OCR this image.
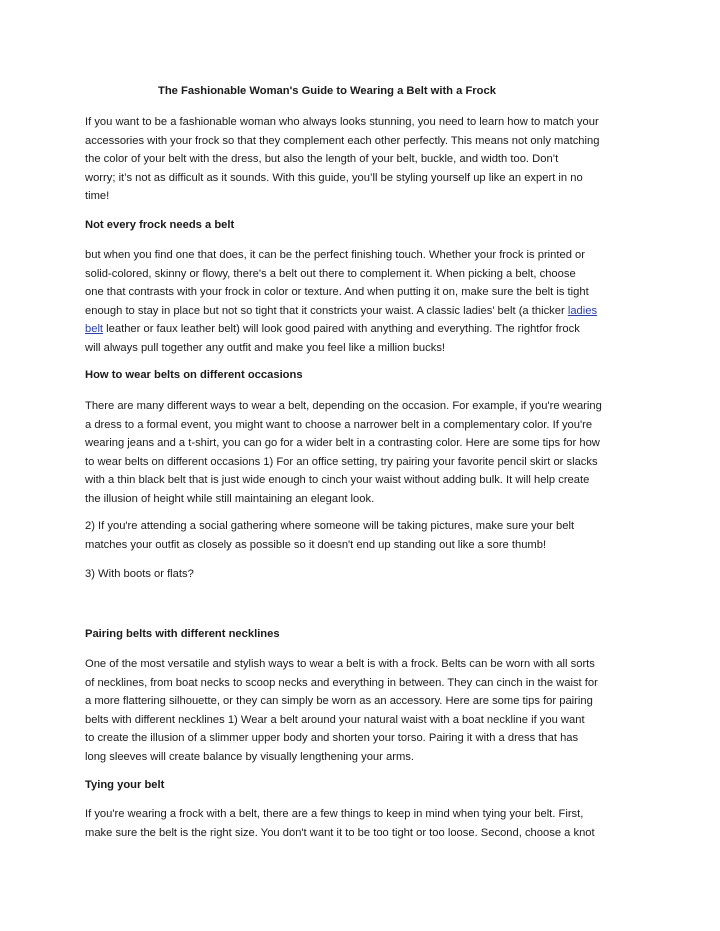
The Fashionable Woman's Guide to Wearing a Belt with a Frock
If you want to be a fashionable woman who always looks stunning, you need to learn how to match your
accessories with your frock so that they complement each other perfectly. This means not only matching
the color of your belt with the dress, but also the length of your belt, buckle, and width too. Don’t
worry; it’s not as difficult as it sounds. With this guide, you’ll be styling yourself up like an expert in no
time!
Not every frock needs a belt
but when you find one that does, it can be the perfect finishing touch. Whether your frock is printed or
solid-colored, skinny or flowy, there's a belt out there to complement it. When picking a belt, choose
one that contrasts with your frock in color or texture. And when putting it on, make sure the belt is tight
enough to stay in place but not so tight that it constricts your waist. A classic ladies' belt (a thicker ladies
belt leather or faux leather belt) will look good paired with anything and everything. The rightfor frock
will always pull together any outfit and make you feel like a million bucks!
How to wear belts on different occasions
There are many different ways to wear a belt, depending on the occasion. For example, if you're wearing
a dress to a formal event, you might want to choose a narrower belt in a complementary color. If you're
wearing jeans and a t-shirt, you can go for a wider belt in a contrasting color. Here are some tips for how
to wear belts on different occasions 1) For an office setting, try pairing your favorite pencil skirt or slacks
with a thin black belt that is just wide enough to cinch your waist without adding bulk. It will help create
the illusion of height while still maintaining an elegant look.
2) If you're attending a social gathering where someone will be taking pictures, make sure your belt
matches your outfit as closely as possible so it doesn't end up standing out like a sore thumb!
3) With boots or flats?
Pairing belts with different necklines
One of the most versatile and stylish ways to wear a belt is with a frock. Belts can be worn with all sorts
of necklines, from boat necks to scoop necks and everything in between. They can cinch in the waist for
a more flattering silhouette, or they can simply be worn as an accessory. Here are some tips for pairing
belts with different necklines 1) Wear a belt around your natural waist with a boat neckline if you want
to create the illusion of a slimmer upper body and shorten your torso. Pairing it with a dress that has
long sleeves will create balance by visually lengthening your arms.
Tying your belt
If you're wearing a frock with a belt, there are a few things to keep in mind when tying your belt. First,
make sure the belt is the right size. You don't want it to be too tight or too loose. Second, choose a knot
